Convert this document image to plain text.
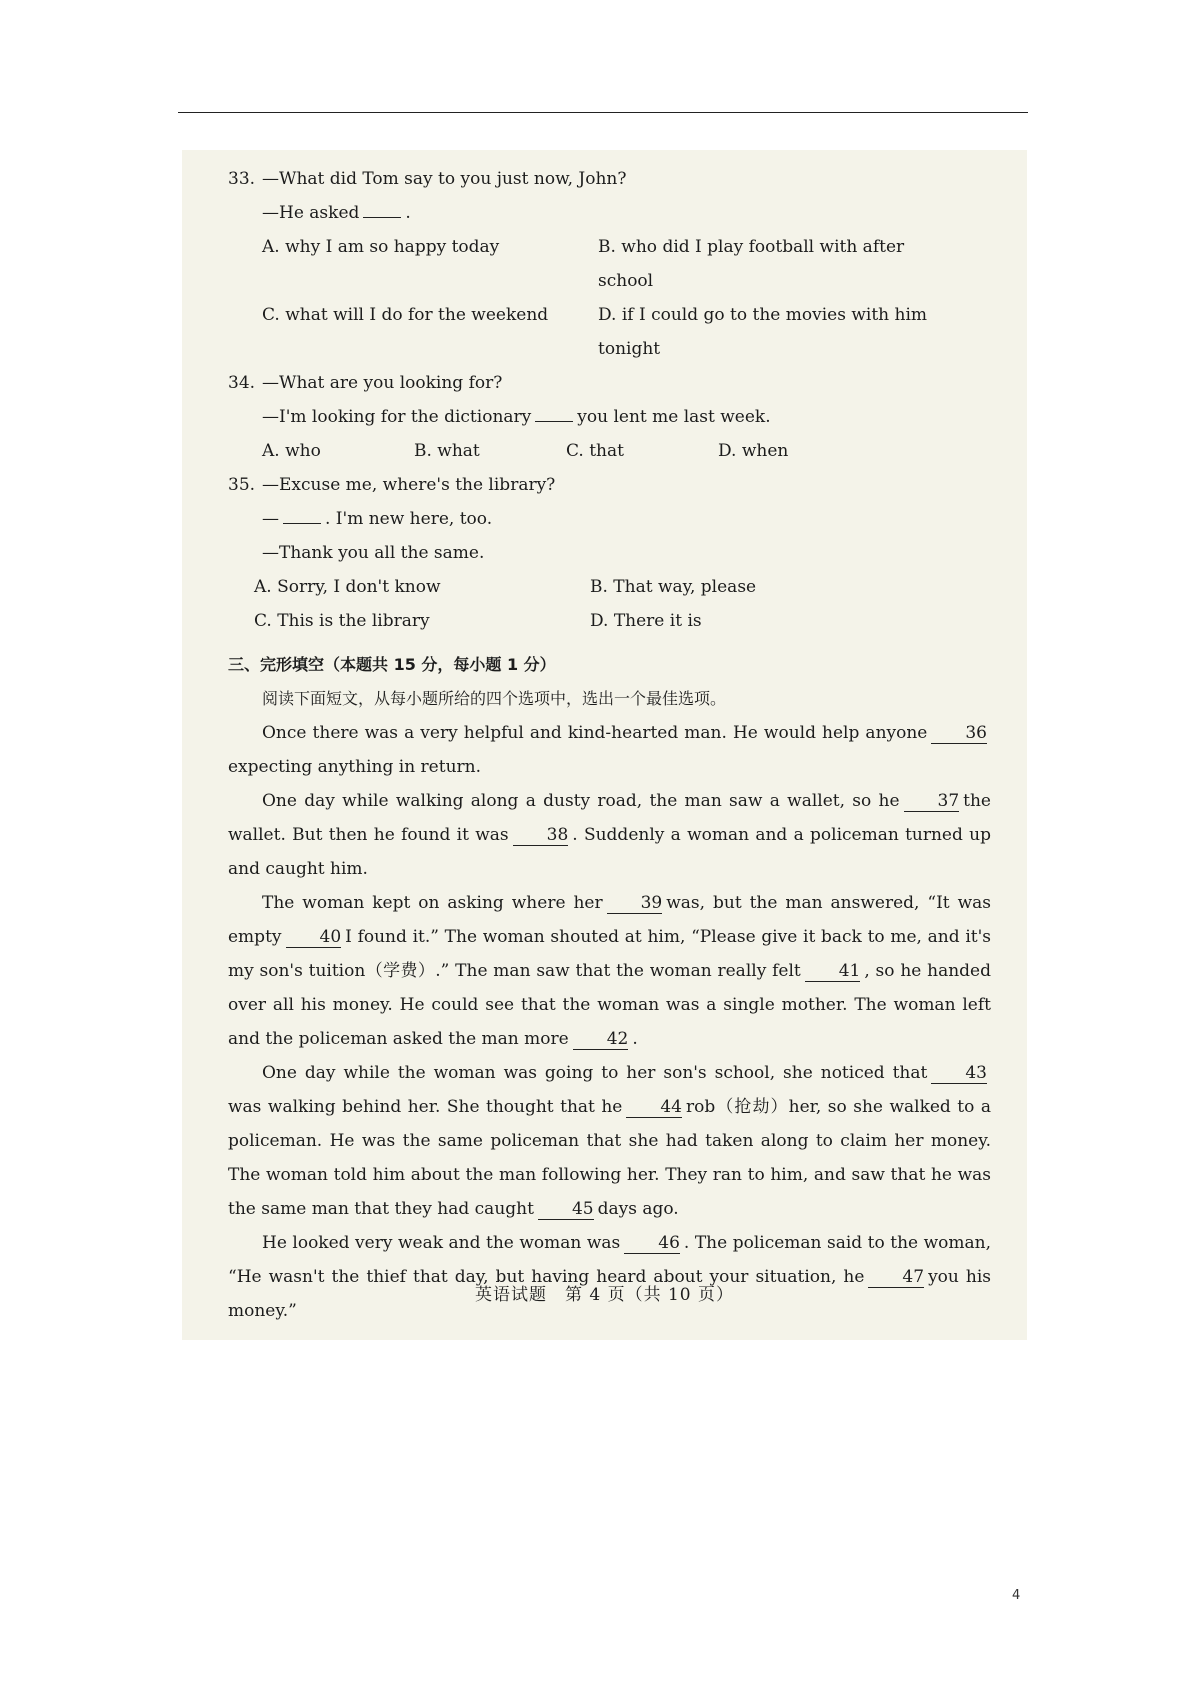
33. —What did Tom say to you just now, John?
—He asked	.
A. why I am so happy today	B. who did I play football with after school
C. what will I do for the weekend	D. if I could go to the movies with him tonight
34. —What are you looking for?
—I'm looking for the dictionary	you lent me last week.
A. who	B. what	C. that	D. when
35. —Excuse me, where's the library?
—	. I'm new here, too.
—Thank you all the same.
A. Sorry, I don't know	B. That way, please
C. This is the library	D. There it is
三、完形填空（本题共 15 分，每小题 1 分）
阅读下面短文，从每小题所给的四个选项中，选出一个最佳选项。
Once there was a very helpful and kind-hearted man. He would help anyone 36expecting anything in return.
One day while walking along a dusty road, the man saw a wallet, so he 37 the wallet. But then he found it was 38 . Suddenly a woman and a policeman turned up and caught him.
The woman kept on asking where her 39 was, but the man answered, “It was empty 40 I found it.” The woman shouted at him, “Please give it back to me, and it's my son's tuition（学费）.” The man saw that the woman really felt 41 , so he handed over all his money. He could see that the woman was a single mother. The woman left and the policeman asked the man more 42 .
One day while the woman was going to her son's school, she noticed that 43was walking behind her. She thought that he 44 rob（抢劫）her, so she walked to a policeman. He was the same policeman that she had taken along to claim her money. The woman told him about the man following her. They ran to him, and saw that he was the same man that they had caught 45 days ago.
He looked very weak and the woman was 46 . The policeman said to the woman, “He wasn't the thief that day, but having heard about your situation, he 47 you his money.”
英语试题　第 4 页（共 10 页）
4
